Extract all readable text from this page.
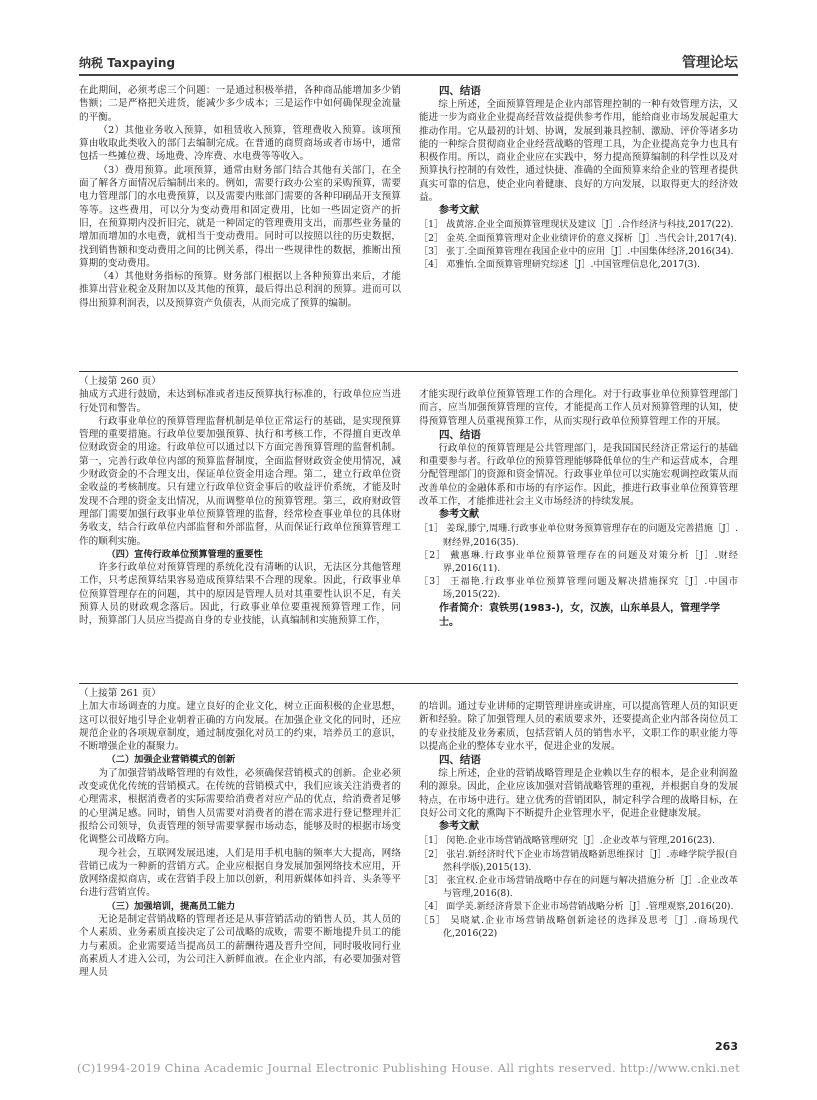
纳税 Taxpaying	管理论坛

在此期间，必须考虑三个问题：一是通过积极举措，各种商品能增加多少销售额；二是严格把关进货，能减少多少成本；三是运作中如何确保现金流量的平衡。

（2）其他业务收入预算，如租赁收入预算，管理费收入预算。该项预算由收取此类收入的部门去编制完成。在普通的商贸商场或者市场中，通常包括一些摊位费、场地费、冷库费、水电费等等收入。

（3）费用预算。此项预算，通常由财务部门结合其他有关部门，在全面了解各方面情况后编制出来的。例如，需要行政办公室的采购预算，需要电力管理部门的水电费预算，以及需要内账部门需要的各种印刷品开支预算等等。这些费用，可以分为变动费用和固定费用，比如一些固定资产的折旧，在预算期内没折旧完，就是一种固定的管理费用支出，而那些业务量的增加而增加的水电费，就相当于变动费用。同时可以按照以往的历史数据，找到销售额和变动费用之间的比例关系，得出一些规律性的数据，推断出预算期的变动费用。

（4）其他财务指标的预算。财务部门根据以上各种预算出来后，才能推算出营业税金及附加以及其他的预算，最后得出总利润的预算。进而可以得出预算利润表，以及预算资产负债表，从而完成了预算的编制。

四、结语

综上所述，全面预算管理是企业内部管理控制的一种有效管理方法，又能进一步为商业企业提高经营效益提供参考作用，能给商业市场发展起重大推动作用。它从最初的计划、协调，发展到兼具控制、激励、评价等诸多功能的一种综合贯彻商业企业经营战略的管理工具，为企业提高竞争力也具有积极作用。所以，商业企业应在实践中，努力提高预算编制的科学性以及对预算执行控制的有效性，通过快捷、准确的全面预算来给企业的管理者提供真实可靠的信息，使企业向着健康、良好的方向发展，以取得更大的经济效益。

参考文献
［1］ 战黄溶.企业全面预算管理现状及建议［J］.合作经济与科技,2017(22).
［2］ 金英.全面预算管理对企业业绩评价的意义探析［J］.当代会计,2017(4).
［3］ 张丁.全面预算管理在我国企业中的应用［J］.中国集体经济,2016(34).
［4］ 邓雅怡.全面预算管理研究综述［J］.中国管理信息化,2017(3).
（上接第 260 页）

抽成方式进行鼓励，未达到标准或者违反预算执行标准的，行政单位应当进行处罚和警告。

行政事业单位的预算管理监督机制是单位正常运行的基础，是实现预算管理的重要措施。行政单位要加强预算、执行和考核工作，不得擅自更改单位财政资金的用途。行政单位可以通过以下方面完善预算管理的监督机制。第一，完善行政单位内部的预算监督制度，全面监督财政资金使用情况，减少财政资金的不合理支出，保证单位资金用途合理。第二，建立行政单位资金收益的考核制度。只有建立行政单位资金事后的收益评价系统，才能及时发现不合理的资金支出情况，从而调整单位的预算管理。第三，政府财政管理部门需要加强行政事业单位预算管理的监督，经常检查事业单位的具体财务收支，结合行政单位内部监督和外部监督，从而保证行政单位预算管理工作的顺利实施。

（四）宣传行政单位预算管理的重要性

许多行政单位对预算管理的系统化没有清晰的认识，无法区分其他管理工作，只考虑预算结果容易造成预算结果不合理的现象。因此，行政事业单位预算管理存在的问题，其中的原因是管理人员对其重要性认识不足，有关预算人员的财政观念落后。因此，行政事业单位要重视预算管理工作，同时，预算部门人员应当提高自身的专业技能，认真编制和实施预算工作，

才能实现行政单位预算管理工作的合理化。对于行政事业单位预算管理部门而言，应当加强预算管理的宣传，才能提高工作人员对预算管理的认知，使得预算管理人员重视预算工作，从而实现行政单位预算管理工作的开展。

四、结语

行政单位的预算管理是公共管理部门，是我国国民经济正常运行的基础和重要参与者。行政单位的预算管理能够降低单位的生产和运营成本，合理分配管理部门的资源和资金情况。行政事业单位可以实施宏观调控政策从而改善单位的金融体系和市场的有序运作。因此，推进行政事业单位预算管理改革工作，才能推进社会主义市场经济的持续发展。

参考文献
［1］ 姜琛,滕宁,周珊.行政事业单位财务预算管理存在的问题及完善措施［J］.财经界,2016(35).
［2］ 戴惠琳.行政事业单位预算管理存在的问题及对策分析［J］.财经界,2016(11).
［3］ 王福艳.行政事业单位预算管理问题及解决措施探究［J］.中国市场,2015(22).
作者简介：袁铁男(1983-)，女，汉族，山东单县人，管理学学士。
（上接第 261 页）

上加大市场调查的力度。建立良好的企业文化，树立正面积极的企业思想，这可以很好地引导企业朝着正确的方向发展。在加强企业文化的同时，还应规范企业的各项规章制度，通过制度强化对员工的约束，培养员工的意识，不断增强企业的凝聚力。

（二）加强企业营销模式的创新

为了加强营销战略管理的有效性，必须确保营销模式的创新。企业必须改变或优化传统的营销模式。在传统的营销模式中，我们应该关注消费者的心理需求，根据消费者的实际需要给消费者对应产品的优点，给消费者足够的心里满足感。同时，销售人员需要对消费者的潜在需求进行登记整理并汇报给公司领导，负责管理的领导需要掌握市场动态，能够及时的根据市场变化调整公司战略方向。

现今社会，互联网发展迅速，人们是用手机电脑的频率大大提高，网络营销已成为一种新的营销方式。企业应根据自身发展加强网络技术应用，开放网络虚拟商店，或在营销手段上加以创新，利用新媒体如抖音、头条等平台进行营销宣传。

（三）加强培训，提高员工能力

无论是制定营销战略的管理者还是从事营销活动的销售人员，其人员的个人素质、业务素质直接决定了公司战略的成败，需要不断地提升员工的能力与素质。企业需要适当提高员工的薪酬待遇及晋升空间，同时吸收同行业高素质人才进入公司，为公司注入新鲜血液。在企业内部，有必要加强对管理人员

的培训。通过专业讲师的定期管理讲座或讲座，可以提高管理人员的知识更新和经验。除了加强管理人员的素质要求外，还要提高企业内部各岗位员工的专业技能及业务素质，包括营销人员的销售水平，文职工作的职业能力等以提高企业的整体专业水平，促进企业的发展。

四、结语

综上所述，企业的营销战略管理是企业赖以生存的根本，是企业利润盈利的源泉。因此，企业应该加强对营销战略管理的重视，并根据自身的发展特点，在市场中进行。建立优秀的营销团队，制定科学合理的战略目标，在良好公司文化的熏陶下不断提升企业管理水平，促进企业健康发展。

参考文献
［1］ 闵艳.企业市场营销战略管理研究［J］.企业改革与管理,2016(23).
［2］ 张岩.新经济时代下企业市场营销战略新思维探讨［J］.赤峰学院学报(自然科学版),2015(13).
［3］ 张宜权.企业市场营销战略中存在的问题与解决措施分析［J］.企业改革与管理,2016(8).
［4］ 面学美.新经济背景下企业市场营销战略分析［J］.管理观察,2016(20).
［5］ 吴晓斌.企业市场营销战略创新途径的选择及思考［J］.商场现代化,2016(22)
263
(C)1994-2019 China Academic Journal Electronic Publishing House. All rights reserved. http://www.cnki.net
